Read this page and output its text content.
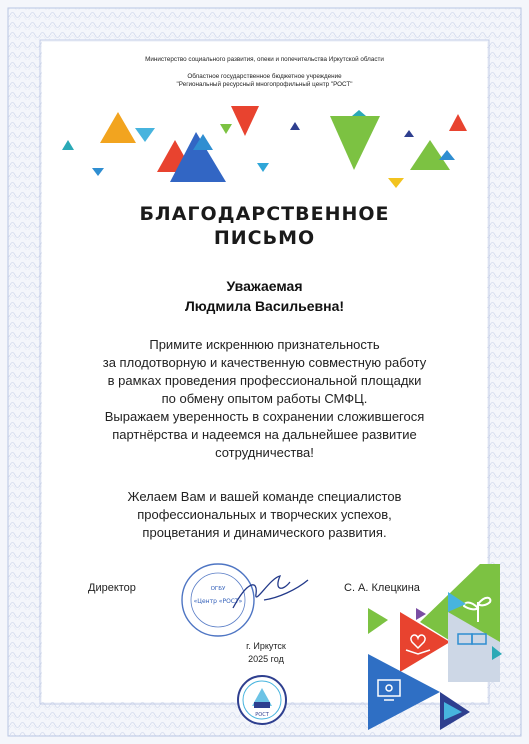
Министерство социального развития, опеки и попечительства Иркутской области
Областное государственное бюджетное учреждение
"Региональный ресурсный многопрофильный центр "РОСТ"
БЛАГОДАРСТВЕННОЕ
ПИСЬМО
Уважаемая
Людмила Васильевна!
Примите искреннюю признательность
за плодотворную и качественную совместную работу
в рамках проведения профессиональной площадки
по обмену опытом работы СМФЦ.
Выражаем уверенность в сохранении сложившегося
партнёрства и надеемся на дальнейшее развитие
сотрудничества!
Желаем Вам и вашей команде специалистов
профессиональных и творческих успехов,
процветания и динамического развития.
Директор	С. А. Клецкина
ОГБУ
«Центр «РОСТ»
г. Иркутск
2025 год
РОСТ
